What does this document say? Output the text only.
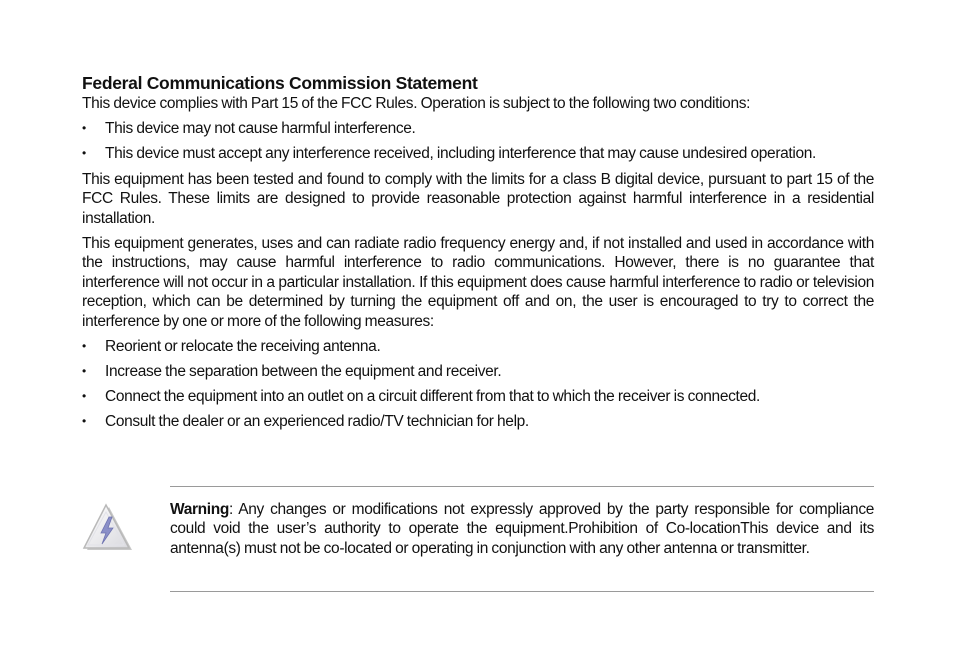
Federal Communications Commission Statement

This device complies with Part 15 of the FCC Rules. Operation is subject to the following two conditions:

• This device may not cause harmful interference.
• This device must accept any interference received, including interference that may cause undesired operation.

This equipment has been tested and found to comply with the limits for a class B digital device, pursuant to part 15 of the FCC Rules. These limits are designed to provide reasonable protection against harmful interference in a residential installation.

This equipment generates, uses and can radiate radio frequency energy and, if not installed and used in accordance with the instructions, may cause harmful interference to radio communications. However, there is no guarantee that interference will not occur in a particular installation. If this equipment does cause harmful interference to radio or television reception, which can be determined by turning the equipment off and on, the user is encouraged to try to correct the interference by one or more of the following measures:

• Reorient or relocate the receiving antenna.
• Increase the separation between the equipment and receiver.
• Connect the equipment into an outlet on a circuit different from that to which the receiver is connected.
• Consult the dealer or an experienced radio/TV technician for help.

Warning: Any changes or modifications not expressly approved by the party responsible for compliance could void the user’s authority to operate the equipment.Prohibition of Co-locationThis device and its antenna(s) must not be co-located or operating in conjunction with any other antenna or transmitter.
